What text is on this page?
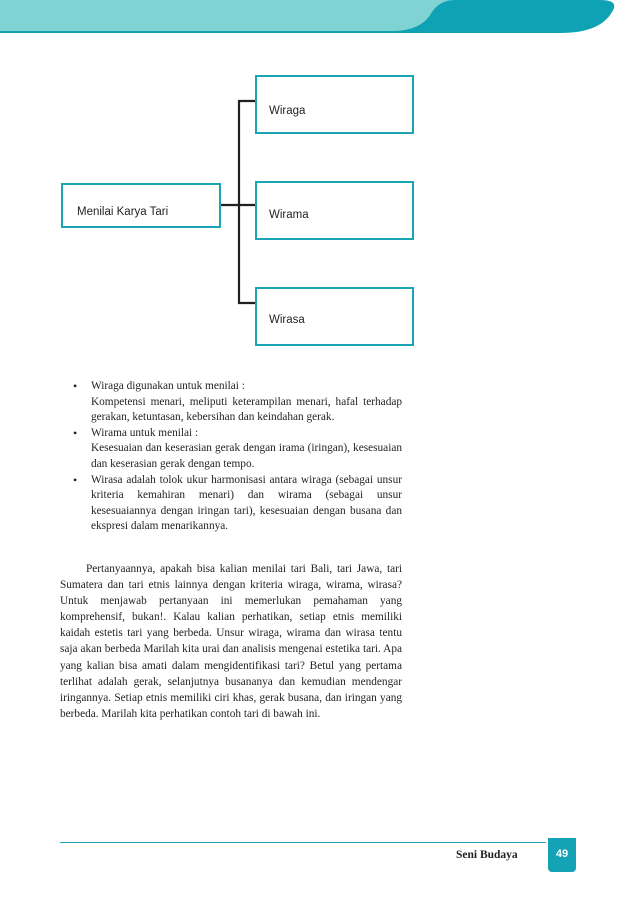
Menilai Karya Tari
Wiraga
Wirama
Wirasa
• Wiraga digunakan untuk menilai :
Kompetensi menari, meliputi keterampilan menari, hafal terhadap gerakan, ketuntasan, kebersihan dan keindahan gerak.
• Wirama untuk menilai :
Kesesuaian dan keserasian gerak dengan irama (iringan), kesesuaian dan keserasian gerak dengan tempo.
• Wirasa adalah tolok ukur harmonisasi antara wiraga (sebagai unsur kriteria kemahiran menari) dan wirama (sebagai unsur kesesuaiannya dengan iringan tari), kesesuaian dengan busana dan ekspresi dalam menarikannya.

Pertanyaannya, apakah bisa kalian menilai tari Bali, tari Jawa, tari Sumatera dan tari etnis lainnya dengan kriteria wiraga, wirama, wirasa? Untuk menjawab pertanyaan ini memerlukan pemahaman yang komprehensif, bukan!. Kalau kalian perhatikan, setiap etnis memiliki kaidah estetis tari yang berbeda. Unsur wiraga, wirama dan wirasa tentu saja akan berbeda Marilah kita urai dan analisis mengenai estetika tari. Apa yang kalian bisa amati dalam mengidentifikasi tari? Betul yang pertama terlihat adalah gerak, selanjutnya busananya dan kemudian mendengar iringannya. Setiap etnis memiliki ciri khas, gerak busana, dan iringan yang berbeda. Marilah kita perhatikan contoh tari di bawah ini.

Seni Budaya	49
